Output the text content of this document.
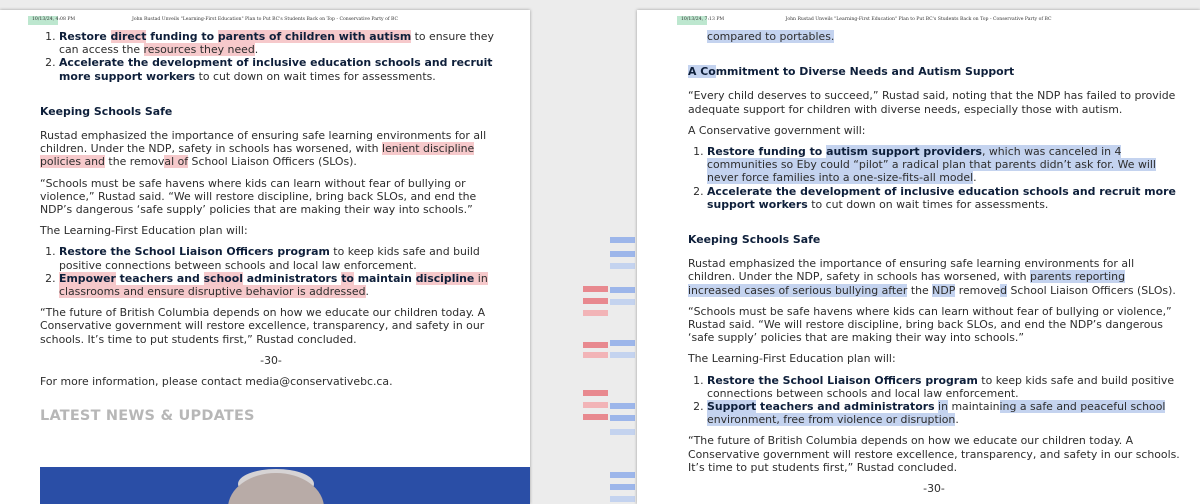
10/13/24, 4:08 PM	John Rustad Unveils "Learning-First Education" Plan to Put BC's Students Back on Top - Conservative Party of BC
1. Restore direct funding to parents of children with autism to ensure they can access the resources they need.
2. Accelerate the development of inclusive education schools and recruit more support workers to cut down on wait times for assessments.
Keeping Schools Safe

Rustad emphasized the importance of ensuring safe learning environments for all children. Under the NDP, safety in schools has worsened, with lenient discipline policies and the removal of School Liaison Officers (SLOs).

“Schools must be safe havens where kids can learn without fear of bullying or violence,” Rustad said. “We will restore discipline, bring back SLOs, and end the NDP’s dangerous ‘safe supply’ policies that are making their way into schools.”

The Learning-First Education plan will:

1. Restore the School Liaison Officers program to keep kids safe and build positive connections between schools and local law enforcement.
2. Empower teachers and school administrators to maintain discipline in classrooms and ensure disruptive behavior is addressed.

“The future of British Columbia depends on how we educate our children today. A Conservative government will restore excellence, transparency, and safety in our schools. It’s time to put students first,” Rustad concluded.

-30-

For more information, please contact media@conservativebc.ca.

LATEST NEWS & UPDATES
10/13/24, 7:13 PM	John Rustad Unveils "Learning-First Education" Plan to Put BC's Students Back on Top - Conservative Party of BC

compared to portables.

A Commitment to Diverse Needs and Autism Support

“Every child deserves to succeed,” Rustad said, noting that the NDP has failed to provide adequate support for children with diverse needs, especially those with autism.

A Conservative government will:

1. Restore funding to autism support providers, which was canceled in 4 communities so Eby could “pilot” a radical plan that parents didn’t ask for. We will never force families into a one-size-fits-all model.
2. Accelerate the development of inclusive education schools and recruit more support workers to cut down on wait times for assessments.
Keeping Schools Safe

Rustad emphasized the importance of ensuring safe learning environments for all children. Under the NDP, safety in schools has worsened, with parents reporting increased cases of serious bullying after the NDP removed School Liaison Officers (SLOs).

“Schools must be safe havens where kids can learn without fear of bullying or violence,” Rustad said. “We will restore discipline, bring back SLOs, and end the NDP’s dangerous ‘safe supply’ policies that are making their way into schools.”

The Learning-First Education plan will:

1. Restore the School Liaison Officers program to keep kids safe and build positive connections between schools and local law enforcement.
2. Support teachers and administrators in maintaining a safe and peaceful school environment, free from violence or disruption.

“The future of British Columbia depends on how we educate our children today. A Conservative government will restore excellence, transparency, and safety in our schools. It’s time to put students first,” Rustad concluded.

-30-
